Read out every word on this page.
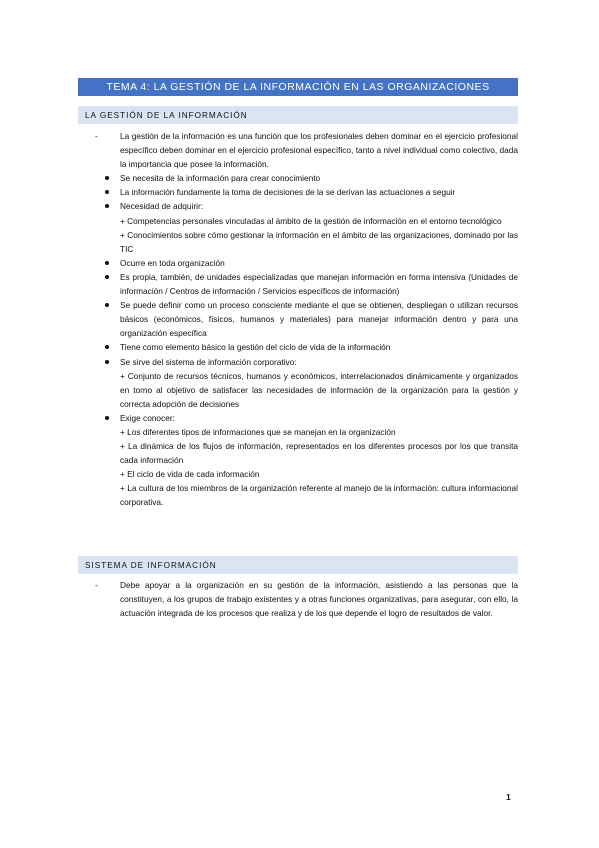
TEMA 4: LA GESTIÓN DE LA INFORMACIÓN EN LAS ORGANIZACIONES
LA GESTIÓN DE LA INFORMACIÓN
-	La gestión de la información es una función que los profesionales deben dominar en el ejercicio profesional específico deben dominar en el ejercicio profesional específico, tanto a nivel individual como colectivo, dada la importancia que posee la información.
Se necesita de la información para crear conocimiento
La información fundamente la toma de decisiones de la se derivan las actuaciones a seguir
Necesidad de adquirir:
+ Competencias personales vinculadas al ámbito de la gestión de información en el entorno tecnológico
+ Conocimientos sobre cómo gestionar la información en el ámbito de las organizaciones, dominado por las TIC
Ocurre en toda organización
Es propia, también, de unidades especializadas que manejan información en forma intensiva (Unidades de información / Centros de información / Servicios específicos de información)
Se puede definir como un proceso consciente mediante el que se obtienen, despliegan o utilizan recursos básicos (económicos, físicos, humanos y materiales) para manejar información dentro y para una organización específica
Tiene como elemento básico la gestión del ciclo de vida de la información
Se sirve del sistema de información corporativo:
+ Conjunto de recursos técnicos, humanos y económicos, interrelacionados dinámicamente y organizados en torno al objetivo de satisfacer las necesidades de información de la organización para la gestión y correcta adopción de decisiones
Exige conocer:
+ Los diferentes tipos de informaciones que se manejan en la organización
+ La dinámica de los flujos de información, representados en los diferentes procesos por los que transita cada información
+ El ciclo de vida de cada información
+ La cultura de los miembros de la organización referente al manejo de la información: cultura informacional corporativa.
SISTEMA DE INFORMACIÓN
-	Debe apoyar a la organización en su gestión de la información, asistiendo a las personas que la constituyen, a los grupos de trabajo existentes y a otras funciones organizativas, para asegurar, con ello, la actuación integrada de los procesos que realiza y de los que depende el logro de resultados de valor.
1
